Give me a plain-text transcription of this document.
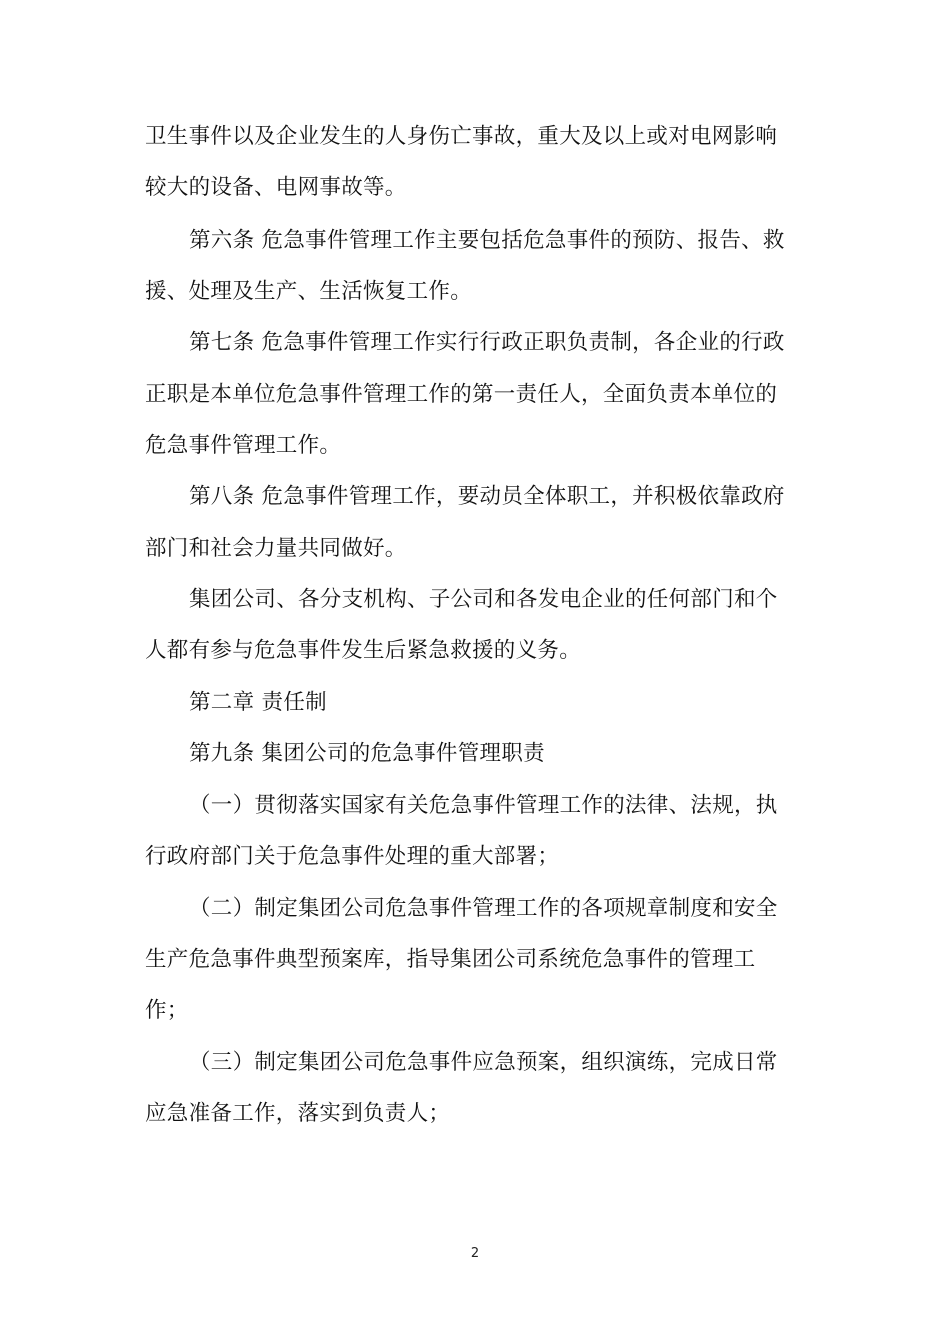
卫生事件以及企业发生的人身伤亡事故，重大及以上或对电网影响
较大的设备、电网事故等。
第六条 危急事件管理工作主要包括危急事件的预防、报告、救
援、处理及生产、生活恢复工作。
第七条 危急事件管理工作实行行政正职负责制，各企业的行政
正职是本单位危急事件管理工作的第一责任人，全面负责本单位的
危急事件管理工作。
第八条 危急事件管理工作，要动员全体职工，并积极依靠政府
部门和社会力量共同做好。
集团公司、各分支机构、子公司和各发电企业的任何部门和个
人都有参与危急事件发生后紧急救援的义务。
第二章 责任制
第九条 集团公司的危急事件管理职责
（一）贯彻落实国家有关危急事件管理工作的法律、法规，执
行政府部门关于危急事件处理的重大部署；
（二）制定集团公司危急事件管理工作的各项规章制度和安全
生产危急事件典型预案库，指导集团公司系统危急事件的管理工
作；
（三）制定集团公司危急事件应急预案，组织演练，完成日常
应急准备工作，落实到负责人；
2
